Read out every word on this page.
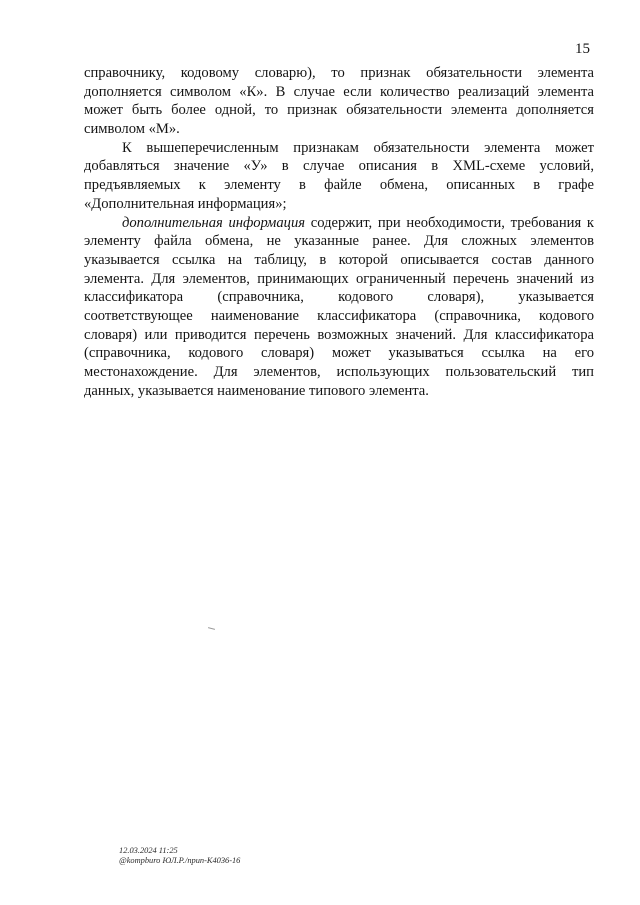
15
справочнику, кодовому словарю), то признак обязательности элемента
дополняется символом «К». В случае если количество реализаций элемента
может быть более одной, то признак обязательности элемента дополняется
символом «М».
К вышеперечисленным признакам обязательности элемента может
добавляться значение «У» в случае описания в XML-схеме условий,
предъявляемых к элементу в файле обмена, описанных в графе
«Дополнительная информация»;
дополнительная информация содержит, при необходимости, требования к
элементу файла обмена, не указанные ранее. Для сложных элементов
указывается ссылка на таблицу, в которой описывается состав данного
элемента. Для элементов, принимающих ограниченный перечень значений из
классификатора (справочника, кодового словаря), указывается
соответствующее наименование классификатора (справочника, кодового
словаря) или приводится перечень возможных значений. Для классификатора
(справочника, кодового словаря) может указываться ссылка на его
местонахождение. Для элементов, использующих пользовательский тип
данных, указывается наименование типового элемента.
12.03.2024 11:25
@kompburo ЮЛ.Р./npun-К4036-16
